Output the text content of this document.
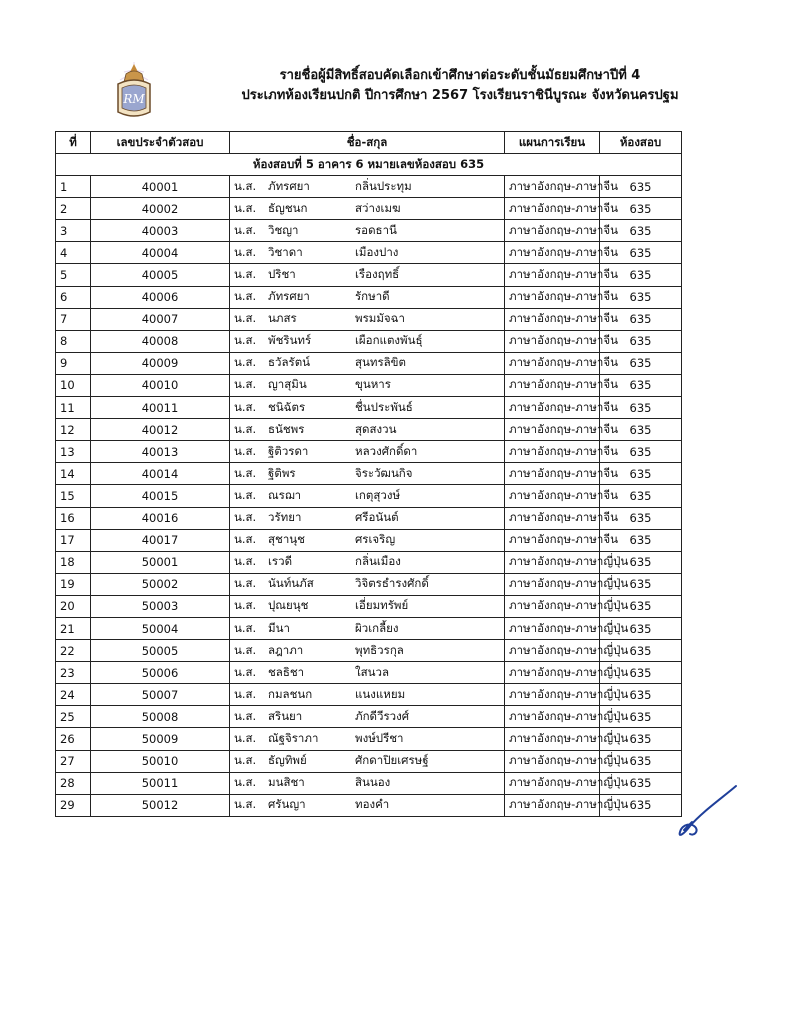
RM
รายชื่อผู้มีสิทธิ์สอบคัดเลือกเข้าศึกษาต่อระดับชั้นมัธยมศึกษาปีที่ 4
ประเภทห้องเรียนปกติ ปีการศึกษา 2567 โรงเรียนราชินีบูรณะ จังหวัดนครปฐม
ที่	เลขประจำตัวสอบ	ชื่อ-สกุล	แผนการเรียน	ห้องสอบ
ห้องสอบที่ 5 อาคาร 6 หมายเลขห้องสอบ 635				
1	40001	น.ส. ภัทรศยา กลิ่นประทุม	ภาษาอังกฤษ-ภาษาจีน	635
2	40002	น.ส. ธัญชนก สว่างเมฆ	ภาษาอังกฤษ-ภาษาจีน	635
3	40003	น.ส. วิชญา รอดธานี	ภาษาอังกฤษ-ภาษาจีน	635
4	40004	น.ส. วิชาดา เมืองปาง	ภาษาอังกฤษ-ภาษาจีน	635
5	40005	น.ส. ปริชา เรืองฤทธิ์	ภาษาอังกฤษ-ภาษาจีน	635
6	40006	น.ส. ภัทรศยา รักษาดี	ภาษาอังกฤษ-ภาษาจีน	635
7	40007	น.ส. นภสร พรมมัจฉา	ภาษาอังกฤษ-ภาษาจีน	635
8	40008	น.ส. พัชรินทร์ เผือกแตงพันธุ์	ภาษาอังกฤษ-ภาษาจีน	635
9	40009	น.ส. ธวัลรัตน์ สุนทรลิขิต	ภาษาอังกฤษ-ภาษาจีน	635
10	40010	น.ส. ญาสุมิน ขุนหาร	ภาษาอังกฤษ-ภาษาจีน	635
11	40011	น.ส. ชนิฉัตร ชื่นประพันธ์	ภาษาอังกฤษ-ภาษาจีน	635
12	40012	น.ส. ธนัชพร สุดสงวน	ภาษาอังกฤษ-ภาษาจีน	635
13	40013	น.ส. ฐิติวรดา หลวงศักดิ์ดา	ภาษาอังกฤษ-ภาษาจีน	635
14	40014	น.ส. ฐิติพร จิระวัฒนกิจ	ภาษาอังกฤษ-ภาษาจีน	635
15	40015	น.ส. ณรฌา เกตุสุวงษ์	ภาษาอังกฤษ-ภาษาจีน	635
16	40016	น.ส. วรัทยา ศรีอนันต์	ภาษาอังกฤษ-ภาษาจีน	635
17	40017	น.ส. สุชานุช ศรเจริญ	ภาษาอังกฤษ-ภาษาจีน	635
18	50001	น.ส. เรวดี กลิ่นเมือง	ภาษาอังกฤษ-ภาษาญี่ปุ่น	635
19	50002	น.ส. นันท์นภัส วิจิตรธำรงศักดิ์	ภาษาอังกฤษ-ภาษาญี่ปุ่น	635
20	50003	น.ส. ปุณยนุช เอี่ยมทรัพย์	ภาษาอังกฤษ-ภาษาญี่ปุ่น	635
21	50004	น.ส. มีนา ผิวเกลี้ยง	ภาษาอังกฤษ-ภาษาญี่ปุ่น	635
22	50005	น.ส. ลฎาภา พุทธิวรกุล	ภาษาอังกฤษ-ภาษาญี่ปุ่น	635
23	50006	น.ส. ชลธิชา ใสนวล	ภาษาอังกฤษ-ภาษาญี่ปุ่น	635
24	50007	น.ส. กมลชนก แนงแหยม	ภาษาอังกฤษ-ภาษาญี่ปุ่น	635
25	50008	น.ส. สรินยา ภักดีวีรวงศ์	ภาษาอังกฤษ-ภาษาญี่ปุ่น	635
26	50009	น.ส. ณัฐจิราภา พงษ์ปรีชา	ภาษาอังกฤษ-ภาษาญี่ปุ่น	635
27	50010	น.ส. ธัญทิพย์ ศักดาปิยเศรษฐ์	ภาษาอังกฤษ-ภาษาญี่ปุ่น	635
28	50011	น.ส. มนสิชา สินนอง	ภาษาอังกฤษ-ภาษาญี่ปุ่น	635
29	50012	น.ส. ศรันญา ทองคำ	ภาษาอังกฤษ-ภาษาญี่ปุ่น	635
